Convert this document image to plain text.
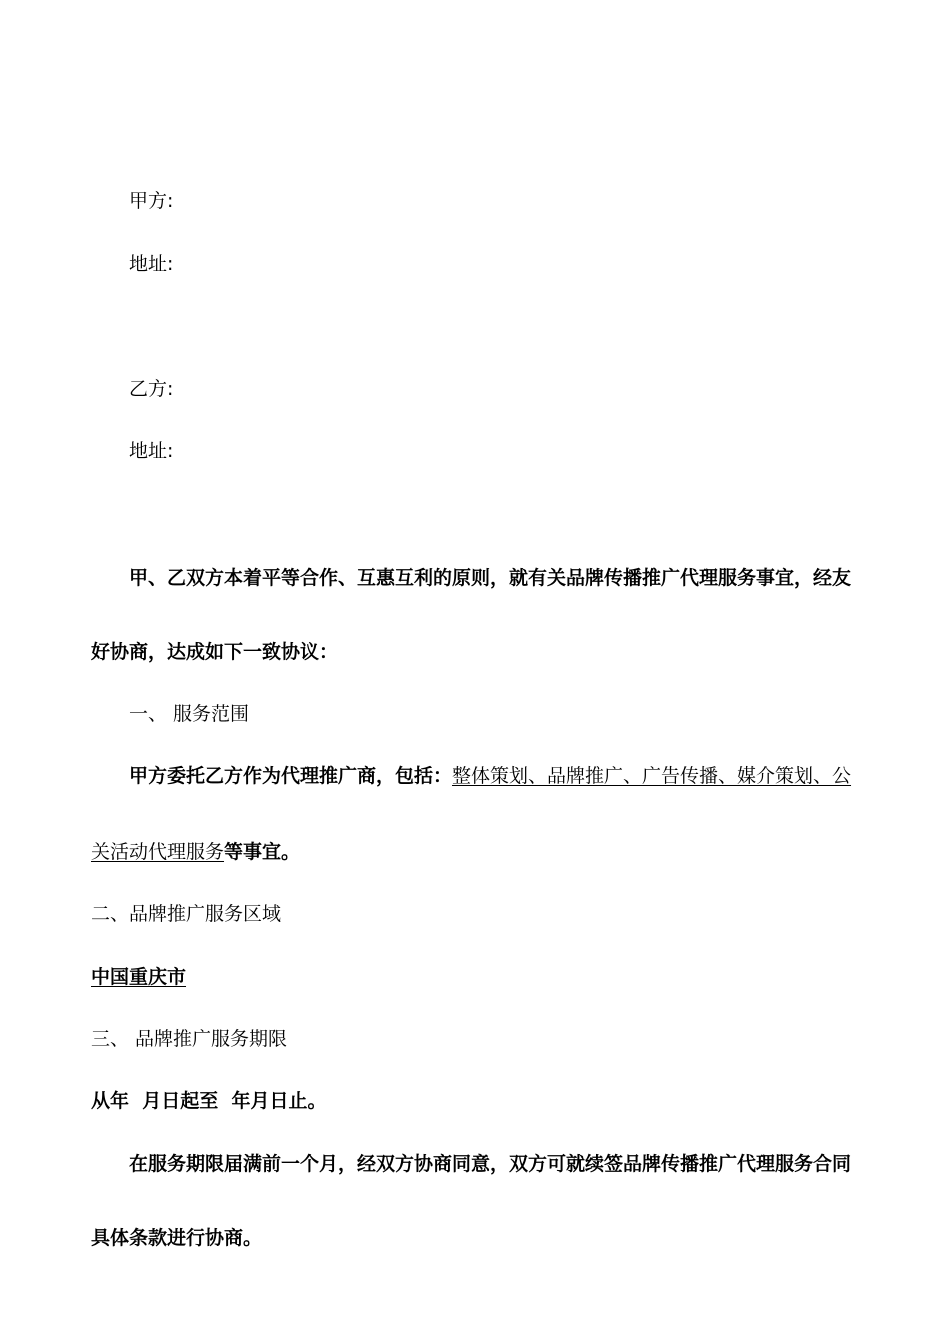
甲方:

地址:

乙方:

地址:

甲、乙双方本着平等合作、互惠互利的原则，就有关品牌传播推广代理服务事宜，经友

好协商，达成如下一致协议：

一、 服务范围

甲方委托乙方作为代理推广商，包括：整体策划、品牌推广、广告传播、媒介策划、公

关活动代理服务等事宜。

二、品牌推广服务区域

中国重庆市

三、 品牌推广服务期限

从年  月日起至  年月日止。

在服务期限届满前一个月，经双方协商同意，双方可就续签品牌传播推广代理服务合同

具体条款进行协商。
